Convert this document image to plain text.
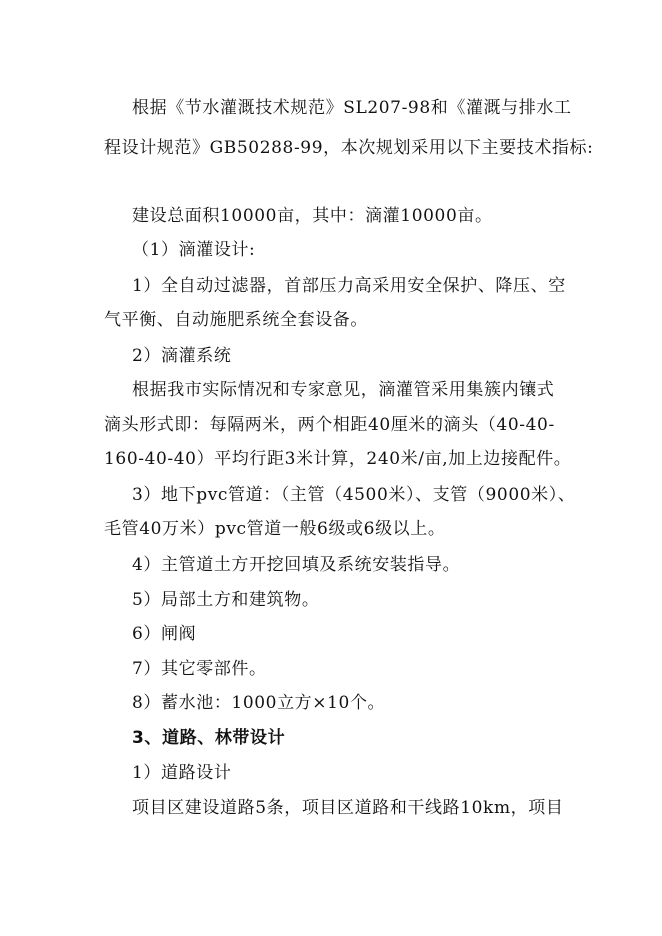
根据《节水灌溉技术规范》SL207-98和《灌溉与排水工
程设计规范》GB50288-99，本次规划采用以下主要技术指标:
建设总面积10000亩，其中：滴灌10000亩。
（1）滴灌设计:
1）全自动过滤器，首部压力高采用安全保护、降压、空
气平衡、自动施肥系统全套设备。
2）滴灌系统
根据我市实际情况和专家意见，滴灌管采用集簇内镶式
滴头形式即：每隔两米，两个相距40厘米的滴头（40-40-
160-40-40）平均行距3米计算，240米/亩,加上边接配件。
3）地下pvc管道：（主管（4500米）、支管（9000米）、
毛管40万米）pvc管道一般6级或6级以上。
4）主管道土方开挖回填及系统安装指导。
5）局部土方和建筑物。
6）闸阀
7）其它零部件。
8）蓄水池：1000立方×10个。
3、道路、林带设计
1）道路设计
项目区建设道路5条，项目区道路和干线路10km，项目
